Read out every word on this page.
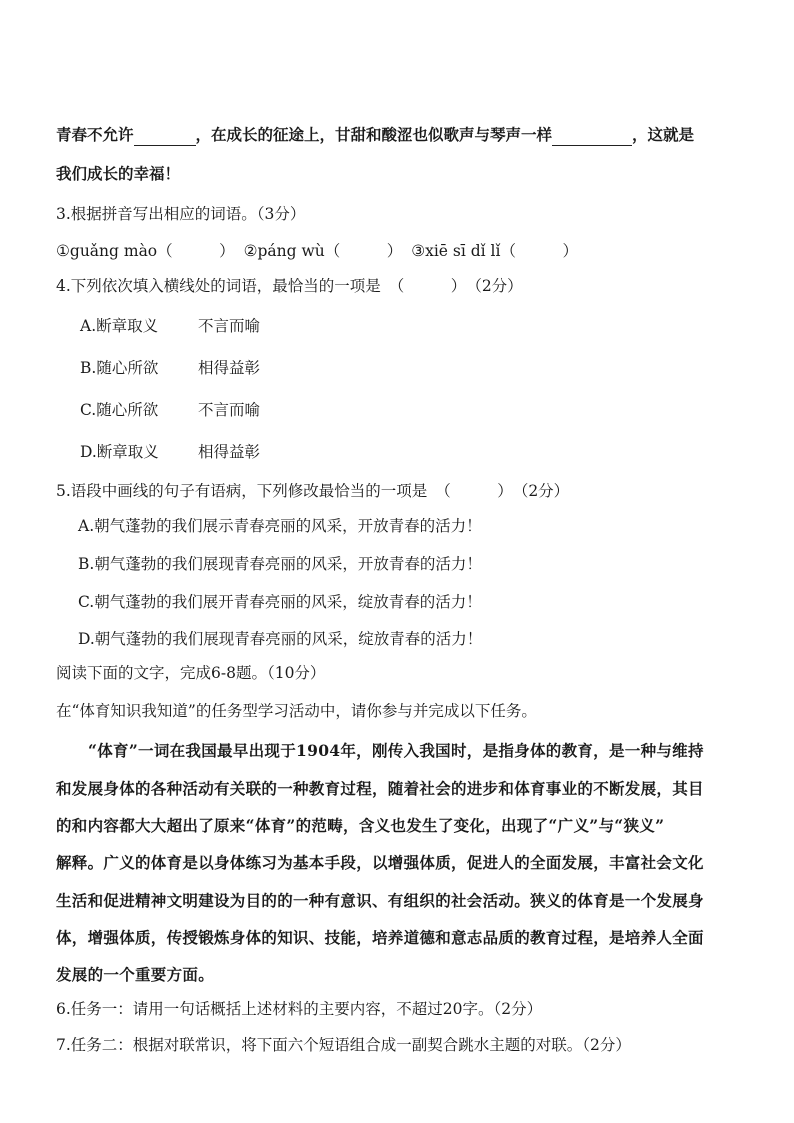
青春不允许	，在成长的征途上，甘甜和酸涩也似歌声与琴声一样	，这就是
我们成长的幸福！
3.根据拼音写出相应的词语。（3分）
①guǎng mào（　　　） ②páng wù（　　　） ③xiē sī dǐ lǐ（　　　）
4.下列依次填入横线处的词语，最恰当的一项是 （　　　）（2分）
A.断章取义	不言而喻
B.随心所欲	相得益彰
C.随心所欲	不言而喻
D.断章取义	相得益彰
5.语段中画线的句子有语病，下列修改最恰当的一项是 （　　　）（2分）
A.朝气蓬勃的我们展示青春亮丽的风采，开放青春的活力！
B.朝气蓬勃的我们展现青春亮丽的风采，开放青春的活力！
C.朝气蓬勃的我们展开青春亮丽的风采，绽放青春的活力！
D.朝气蓬勃的我们展现青春亮丽的风采，绽放青春的活力！
阅读下面的文字，完成6-8题。（10分）
在“体育知识我知道”的任务型学习活动中，请你参与并完成以下任务。
“体育”一词在我国最早出现于1904年，刚传入我国时，是指身体的教育，是一种与维持
和发展身体的各种活动有关联的一种教育过程，随着社会的进步和体育事业的不断发展，其目
的和内容都大大超出了原来“体育”的范畴，含义也发生了变化，出现了“广义”与“狭义”
解释。广义的体育是以身体练习为基本手段，以增强体质，促进人的全面发展，丰富社会文化
生活和促进精神文明建设为目的的一种有意识、有组织的社会活动。狭义的体育是一个发展身
体，增强体质，传授锻炼身体的知识、技能，培养道德和意志品质的教育过程，是培养人全面
发展的一个重要方面。
6.任务一：请用一句话概括上述材料的主要内容，不超过20字。（2分）
7.任务二：根据对联常识，将下面六个短语组合成一副契合跳水主题的对联。（2分）
